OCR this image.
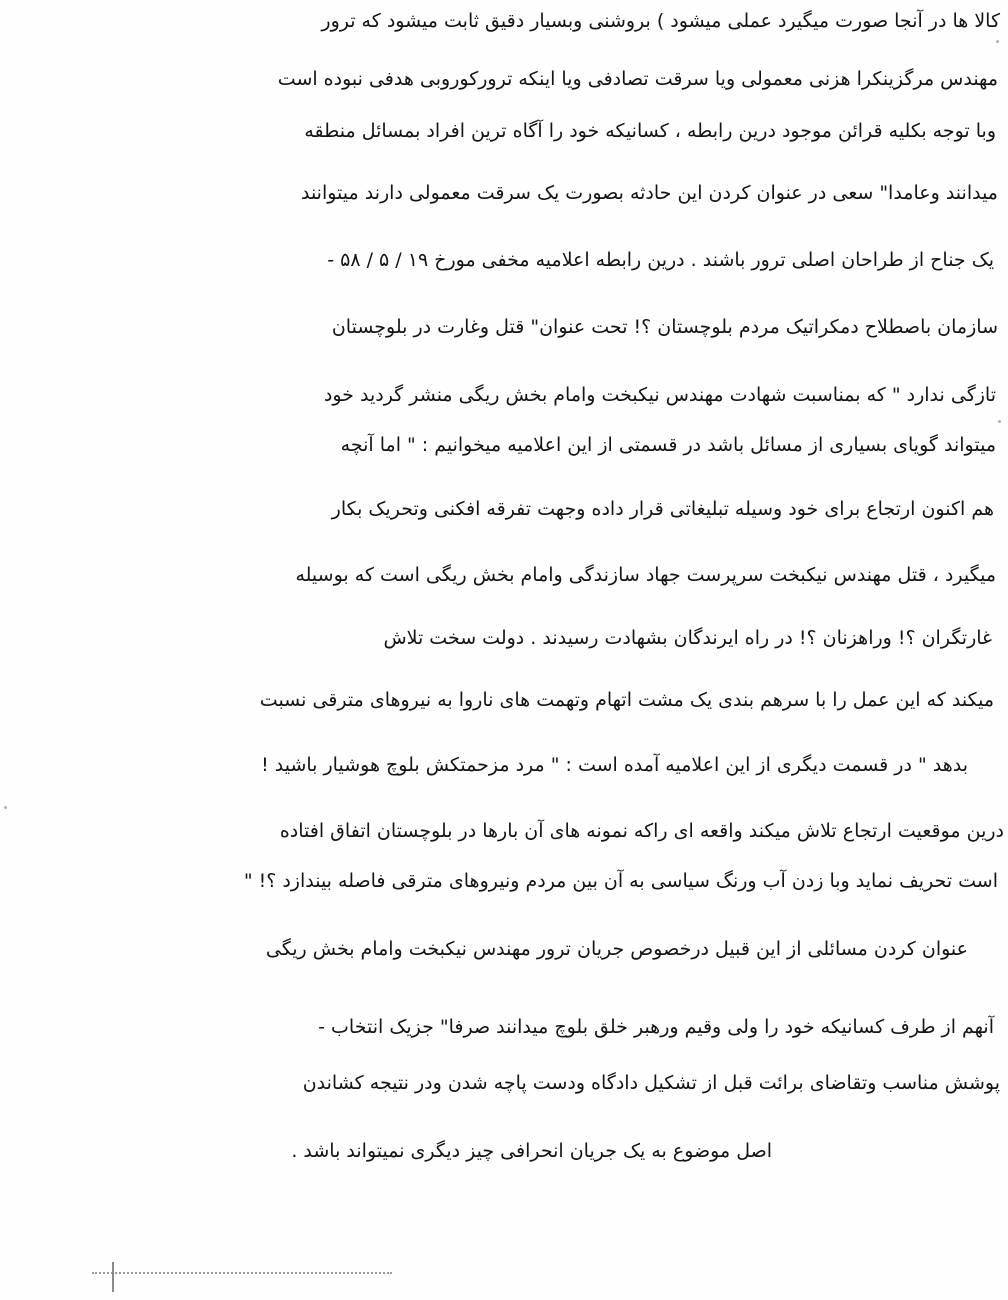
کالا ها در آنجا صورت میگیرد عملی میشود ) بروشنی وبسیار دقیق ثابت میشود که ترور
مهندس مرگزینکرا هزنی معمولی ویا سرقت تصادفی ویا اینکه ترورکوروبی هدفی نبوده است
وبا توجه بکلیه قرائن موجود درین رابطه ، کسانیکه خود را آگاه ترین افراد بمسائل منطقه
میدانند وعامدا" سعی در عنوان کردن این حادثه بصورت یک سرقت معمولی دارند میتوانند
یک جناح از طراحان اصلی ترور باشند . درین رابطه اعلامیه مخفی مورخ ۱۹ / ۵ / ۵۸ -
سازمان باصطلاح دمکراتیک مردم بلوچستان ؟! تحت عنوان" قتل وغارت در بلوچستان
تازگی ندارد " که بمناسبت شهادت مهندس نیکبخت وامام بخش ریگی منشر گردید خود
میتواند گویای بسیاری از مسائل باشد در قسمتی از این اعلامیه میخوانیم : " اما آنچه
هم اکنون ارتجاع برای خود وسیله تبلیغاتی قرار داده وجهت تفرقه افکنی وتحریک بکار
میگیرد ، قتل مهندس نیکبخت سرپرست جهاد سازندگی وامام بخش ریگی است که بوسیله
غارتگران ؟! وراهزنان ؟! در راه ایرندگان بشهادت رسیدند . دولت سخت تلاش
میکند که این عمل را با سرهم بندی یک مشت اتهام وتهمت های ناروا به نیروهای مترقی نسبت
بدهد " در قسمت دیگری از این اعلامیه آمده است : " مرد مزحمتکش بلوچ هوشیار باشید !
درین موقعیت ارتجاع تلاش میکند واقعه ای راکه نمونه های آن بارها در بلوچستان اتفاق افتاده
است تحریف نماید وبا زدن آب ورنگ سیاسی به آن بین مردم ونیروهای مترقی فاصله بیندازد ؟! "
عنوان کردن مسائلی از این قبیل درخصوص جریان ترور مهندس نیکبخت وامام بخش ریگی
آنهم از طرف کسانیکه خود را ولی وقیم ورهبر خلق بلوچ میدانند صرفا" جزیک انتخاب -
پوشش مناسب وتقاضای برائت قبل از تشکیل دادگاه ودست پاچه شدن ودر نتیجه کشاندن
اصل موضوع به یک جریان انحرافی چیز دیگری نمیتواند باشد .
